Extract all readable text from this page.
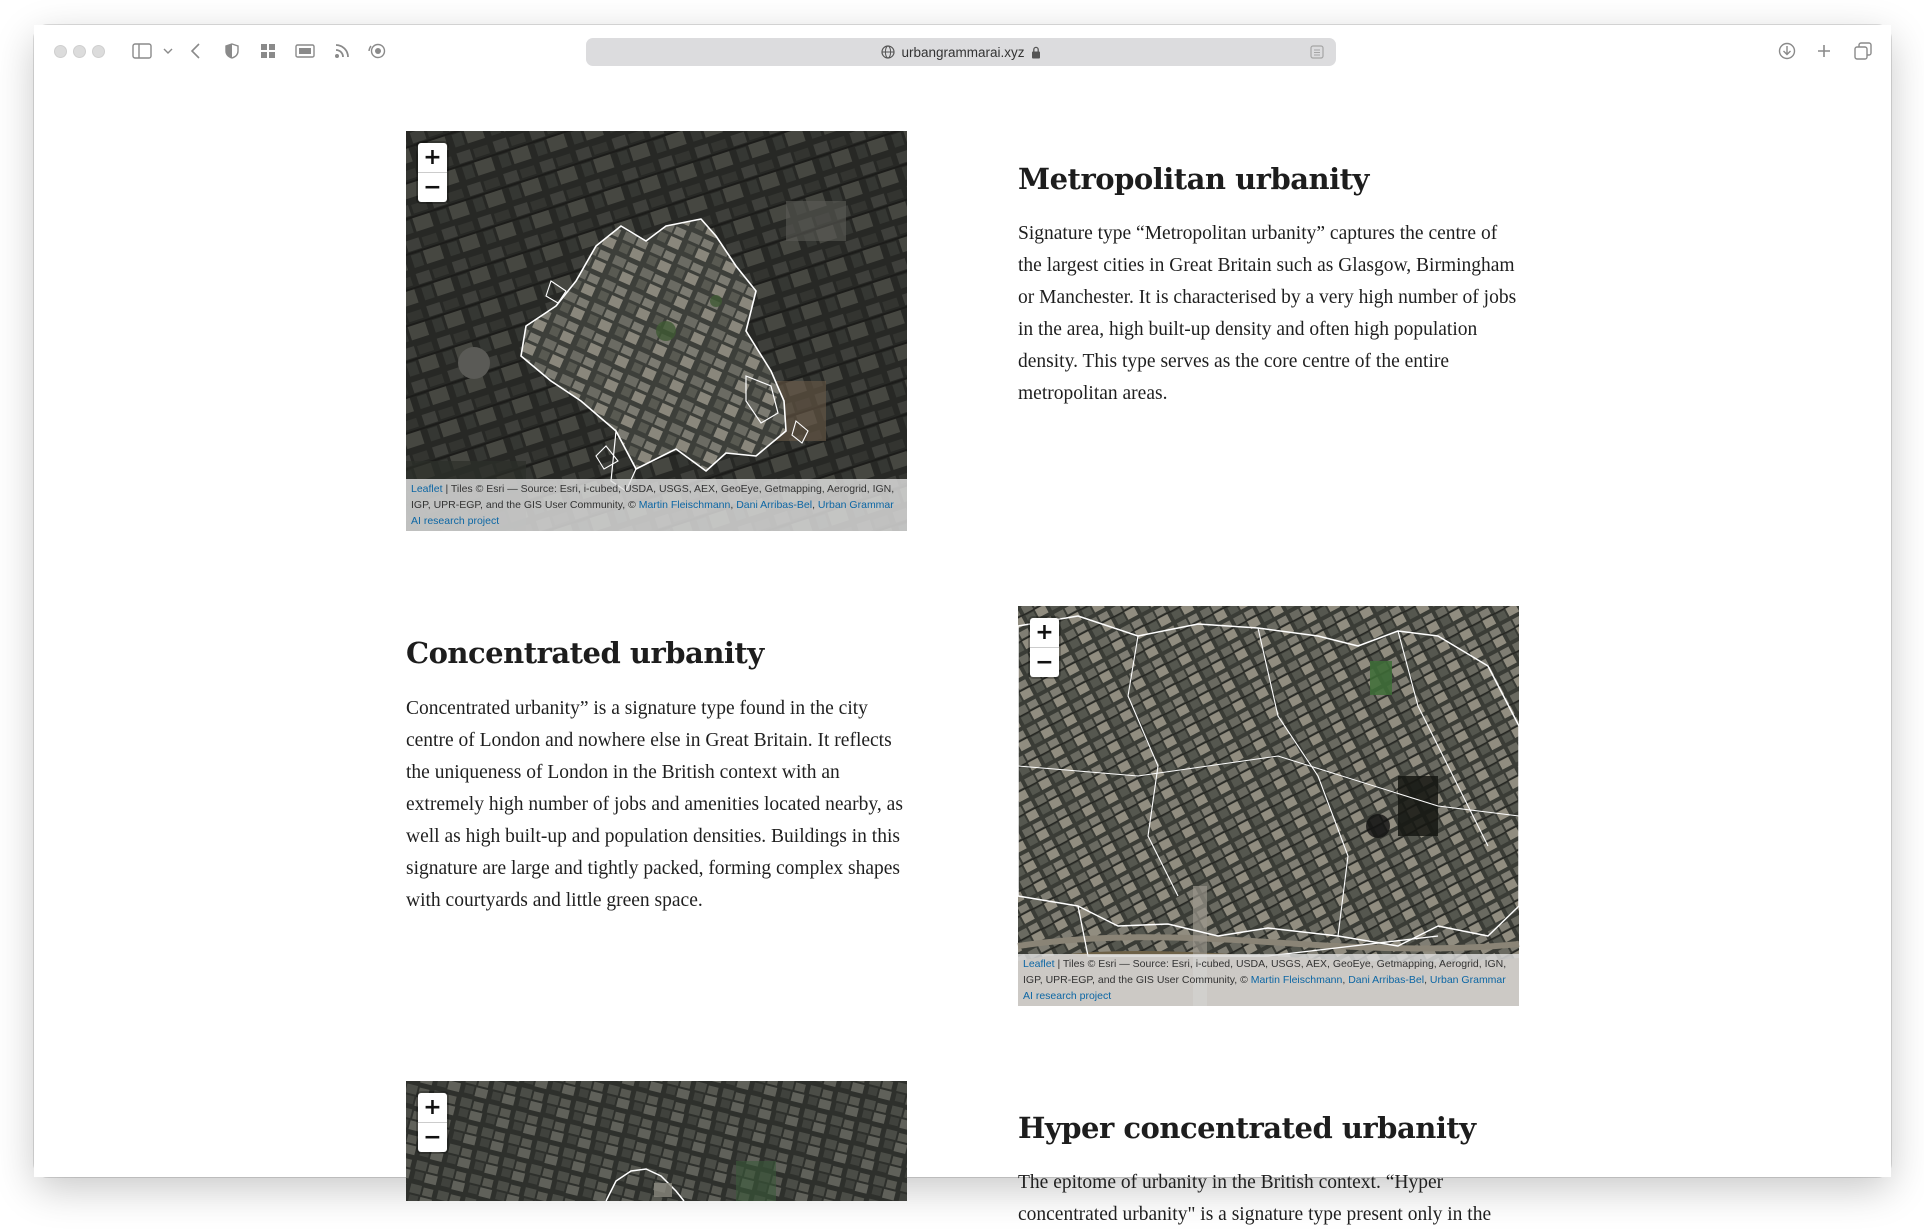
urbangrammarai.xyz
+
−
Leaflet | Tiles © Esri — Source: Esri, i-cubed, USDA, USGS, AEX, GeoEye, Getmapping, Aerogrid, IGN, IGP, UPR-EGP, and the GIS User Community, © Martin Fleischmann, Dani Arribas-Bel, Urban Grammar AI research project
Metropolitan urbanity

Signature type “Metropolitan urbanity” captures the centre of the largest cities in Great Britain such as Glasgow, Birmingham or Manchester. It is characterised by a very high number of jobs in the area, high built-up density and often high population density. This type serves as the core centre of the entire metropolitan areas.

Concentrated urbanity

Concentrated urbanity” is a signature type found in the city centre of London and nowhere else in Great Britain. It reflects the uniqueness of London in the British context with an extremely high number of jobs and amenities located nearby, as well as high built-up and population densities. Buildings in this signature are large and tightly packed, forming complex shapes with courtyards and little green space.

+
−
Leaflet | Tiles © Esri — Source: Esri, i-cubed, USDA, USGS, AEX, GeoEye, Getmapping, Aerogrid, IGN, IGP, UPR-EGP, and the GIS User Community, © Martin Fleischmann, Dani Arribas-Bel, Urban Grammar AI research project
+
−	Hyper concentrated urbanity

The epitome of urbanity in the British context. “Hyper concentrated urbanity" is a signature type present only in the
